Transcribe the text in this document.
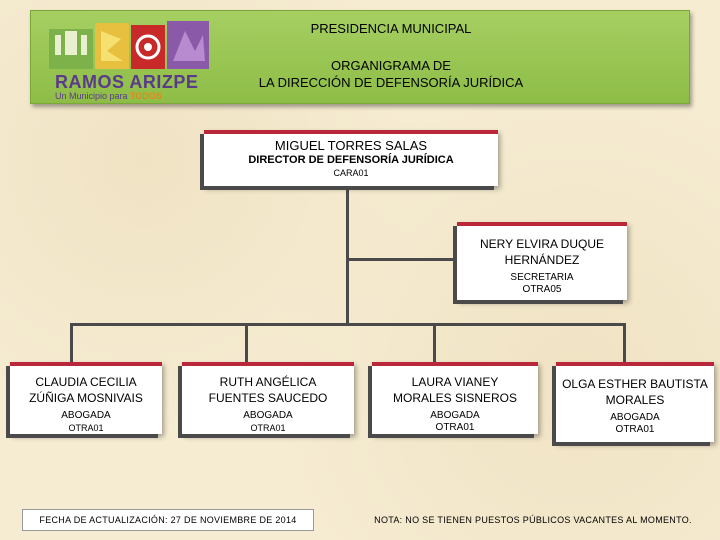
RAMOS ARIZPE
Un Municipio para TODOS
PRESIDENCIA MUNICIPAL
ORGANIGRAMA DE
LA DIRECCIÓN DE DEFENSORÍA JURÍDICA
MIGUEL TORRES SALAS
DIRECTOR DE DEFENSORÍA JURÍDICA
CARA01
NERY ELVIRA DUQUE
HERNÁNDEZ
SECRETARIA
OTRA05
CLAUDIA CECILIA
ZÚÑIGA MOSNIVAIS
ABOGADA
OTRA01
RUTH ANGÉLICA
FUENTES SAUCEDO
ABOGADA
OTRA01
LAURA VIANEY
MORALES SISNEROS
ABOGADA
OTRA01
OLGA ESTHER BAUTISTA
MORALES
ABOGADA
OTRA01
FECHA DE ACTUALIZACIÓN: 27 DE NOVIEMBRE DE 2014	NOTA: NO SE TIENEN PUESTOS PÚBLICOS VACANTES AL MOMENTO.
